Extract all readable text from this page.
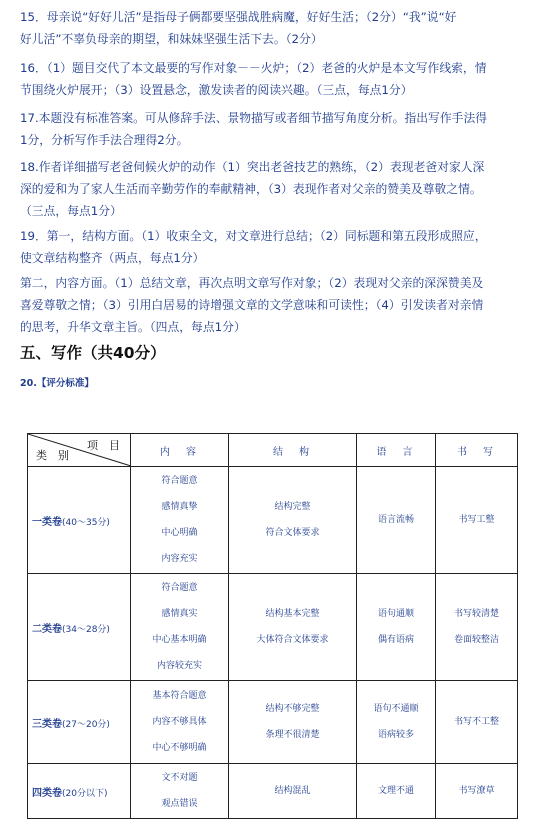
15．母亲说“好好儿活”是指母子俩都要坚强战胜病魔，好好生活；（2分）“我”说“好
好儿活”不辜负母亲的期望，和妹妹坚强生活下去。（2分）
16．（1）题目交代了本文最要的写作对象－－火炉；（2）老爸的火炉是本文写作线索，情
节围绕火炉展开；（3）设置悬念，激发读者的阅读兴趣。（三点，每点1分）
17.本题没有标准答案。可从修辞手法、景物描写或者细节描写角度分析。指出写作手法得
1分，分析写作手法合理得2分。
18.作者详细描写老爸伺候火炉的动作（1）突出老爸技艺的熟练，（2）表现老爸对家人深
深的爱和为了家人生活而辛勤劳作的奉献精神，（3）表现作者对父亲的赞美及尊敬之情。
（三点，每点1分）
19．第一，结构方面。（1）收束全文，对文章进行总结；（2）同标题和第五段形成照应，
使文章结构整齐（两点，每点1分）
第二，内容方面。（1）总结文章，再次点明文章写作对象；（2）表现对父亲的深深赞美及
喜爱尊敬之情；（3）引用白居易的诗增强文章的文学意味和可读性；（4）引发读者对亲情
的思考，升华文章主旨。（四点，每点1分）
五、写作（共40分）
20.【评分标准】
项　目
类　别	内　容	结　构	语　言	书　写
一类卷(40～35分)	符合题意
感情真挚
中心明确
内容充实	结构完整
符合文体要求	语言流畅	书写工整

二类卷(34～28分)	符合题意
感情真实
中心基本明确
内容较充实	结构基本完整
大体符合文体要求	语句通顺
偶有语病	书写较清楚
卷面较整洁

三类卷(27～20分)	基本符合题意
内容不够具体
中心不够明确	结构不够完整
条理不很清楚	语句不通顺
语病较多	书写不工整

四类卷(20分以下)	文不对题
观点错误	结构混乱	文理不通	书写潦草
